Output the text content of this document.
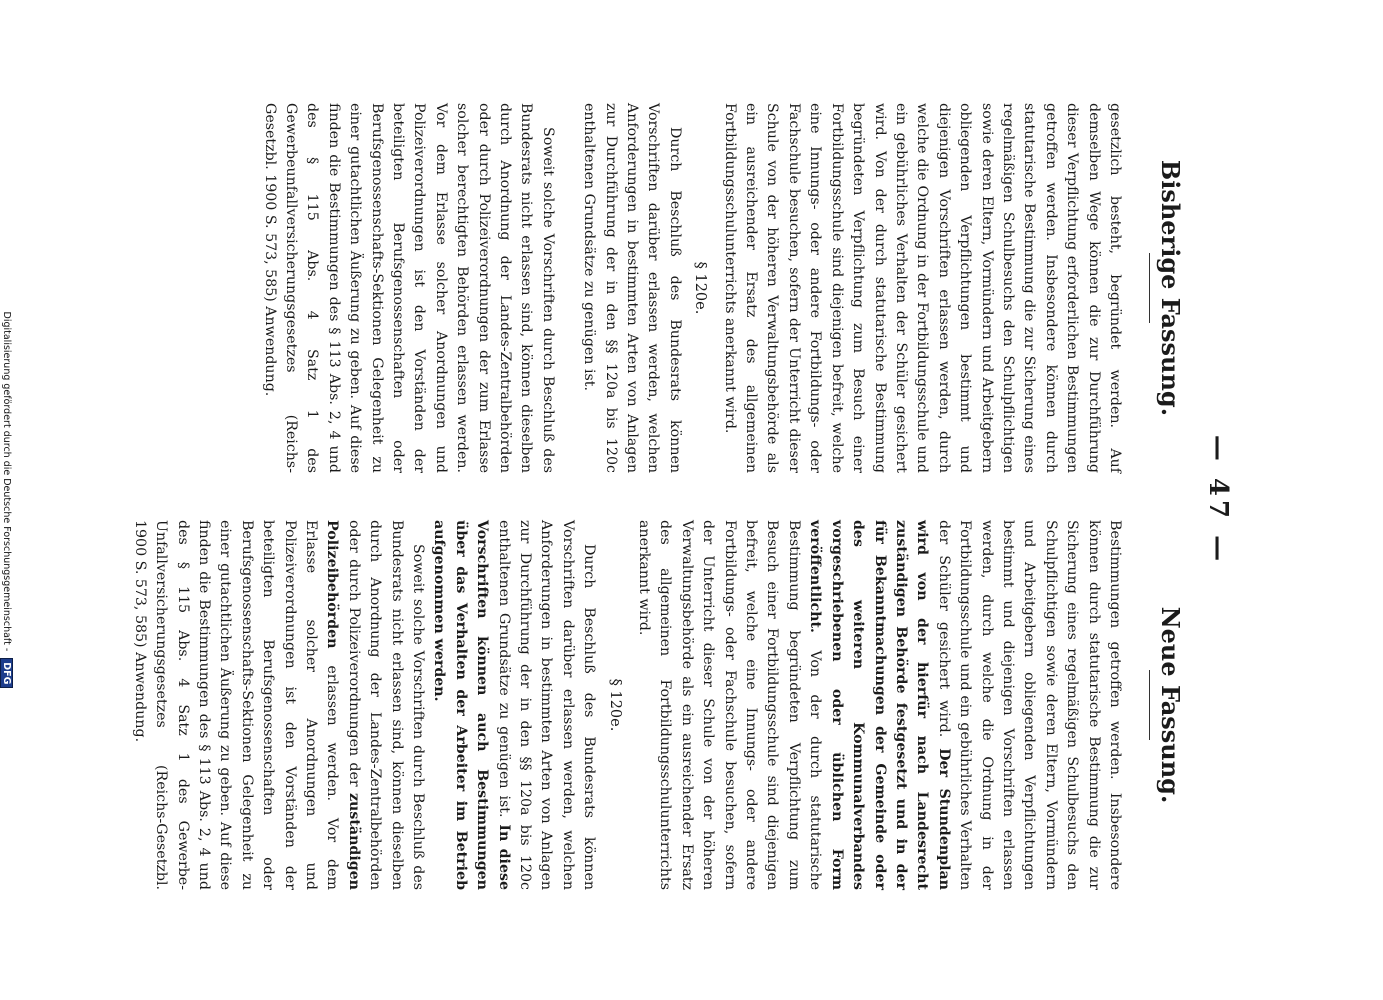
— 47 —
Bisherige Fassung.
Neue Fassung.

gesetzlich besteht, begründet werden. Auf demselben Wege können die zur Durchführung dieser Verpflichtung erforderlichen Bestimmungen getroffen werden. Insbesondere können durch statutarische Bestimmung die zur Sicherung eines regelmäßigen Schulbesuchs den Schulpflichtigen sowie deren Eltern, Vormündern und Arbeitgebern obliegenden Verpflichtungen bestimmt und diejenigen Vorschriften erlassen werden, durch welche die Ordnung in der Fortbildungsschule und ein gebührliches Verhalten der Schüler gesichert wird. Von der durch statutarische Bestimmung begründeten Verpflichtung zum Besuch einer Fortbildungsschule sind diejenigen befreit, welche eine Innungs- oder andere Fortbildungs- oder Fachschule besuchen, sofern der Unterricht dieser Schule von der höheren Verwaltungsbehörde als ein ausreichender Ersatz des allgemeinen Fortbildungsschulunterrichts anerkannt wird.

§ 120e.

Durch Beschluß des Bundesrats können Vorschriften darüber erlassen werden, welchen Anforderungen in bestimmten Arten von Anlagen zur Durchführung der in den §§ 120a bis 120c enthaltenen Grundsätze zu genügen ist.

Soweit solche Vorschriften durch Beschluß des Bundesrats nicht erlassen sind, können dieselben durch Anordnung der Landes-Zentralbehörden oder durch Polizeiverordnungen der zum Erlasse solcher berechtigten Behörden erlassen werden. Vor dem Erlasse solcher Anordnungen und Polizeiverordnungen ist den Vorständen der beteiligten Berufsgenossenschaften oder Berufsgenossenschafts-Sektionen Gelegenheit zu einer gutachtlichen Äußerung zu geben. Auf diese finden die Bestimmungen des § 113 Abs. 2, 4 und des § 115 Abs. 4 Satz 1 des Gewerbeunfallversicherungsgesetzes (Reichs-Gesetzbl. 1900 S. 573, 585) Anwendung.

Bestimmungen getroffen werden. Insbesondere können durch statutarische Bestimmung die zur Sicherung eines regelmäßigen Schulbesuchs den Schulpflichtigen sowie deren Eltern, Vormündern und Arbeitgebern obliegenden Verpflichtungen bestimmt und diejenigen Vorschriften erlassen werden, durch welche die Ordnung in der Fortbildungsschule und ein gebührliches Verhalten der Schüler gesichert wird. Der Stundenplan wird von der hierfür nach Landesrecht zuständigen Behörde festgesetzt und in der für Bekanntmachungen der Gemeinde oder des weiteren Kommunalverbandes vorgeschriebenen oder üblichen Form veröffentlicht. Von der durch statutarische Bestimmung begründeten Verpflichtung zum Besuch einer Fortbildungsschule sind diejenigen befreit, welche eine Innungs- oder andere Fortbildungs- oder Fachschule besuchen, sofern der Unterricht dieser Schule von der höheren Verwaltungsbehörde als ein ausreichender Ersatz des allgemeinen Fortbildungsschulunterrichts anerkannt wird.

§ 120e.

Durch Beschluß des Bundesrats können Vorschriften darüber erlassen werden, welchen Anforderungen in bestimmten Arten von Anlagen zur Durchführung der in den §§ 120a bis 120c enthaltenen Grundsätze zu genügen ist. In diese Vorschriften können auch Bestimmungen über das Verhalten der Arbeiter im Betrieb aufgenommen werden.

Soweit solche Vorschriften durch Beschluß des Bundesrats nicht erlassen sind, können dieselben durch Anordnung der Landes-Zentralbehörden oder durch Polizeiverordnungen der zuständigen Polizeibehörden erlassen werden. Vor dem Erlasse solcher Anordnungen und Polizeiverordnungen ist den Vorständen der beteiligten Berufsgenossenschaften oder Berufsgenossenschafts-Sektionen Gelegenheit zu einer gutachtlichen Äußerung zu geben. Auf diese finden die Bestimmungen des § 113 Abs. 2, 4 und des § 115 Abs. 4 Satz 1 des Gewerbe-Unfallversicherungsgesetzes (Reichs-Gesetzbl. 1900 S. 573, 585) Anwendung.

Digitalisierung gefördert durch die Deutsche Forschungsgemeinschaft - DFG
